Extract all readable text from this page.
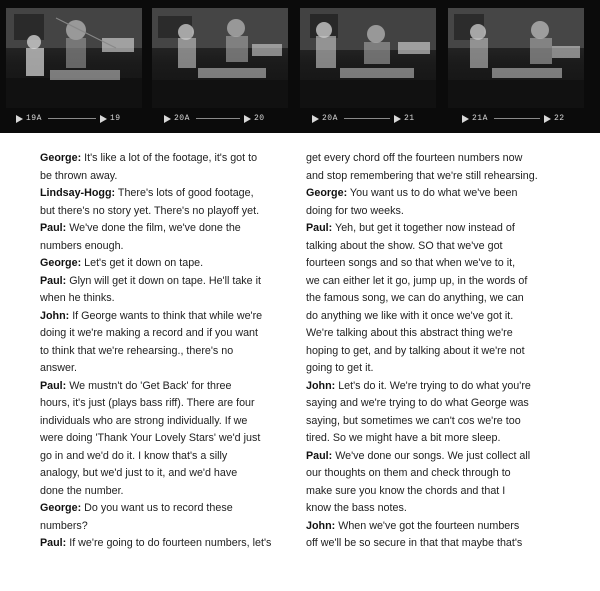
19A	19	20A	20	20A	21	21A	22
George: It's like a lot of the footage, it's got to
be thrown away.
Lindsay-Hogg: There's lots of good footage,
but there's no story yet. There's no playoff yet.
Paul: We've done the film, we've done the
numbers enough.
George: Let's get it down on tape.
Paul: Glyn will get it down on tape. He'll take it
when he thinks.
John: If George wants to think that while we're
doing it we're making a record and if you want
to think that we're rehearsing., there's no
answer.
Paul: We mustn't do 'Get Back' for three
hours, it's just (plays bass riff). There are four
individuals who are strong individually. If we
were doing 'Thank Your Lovely Stars' we'd just
go in and we'd do it. I know that's a silly
analogy, but we'd just to it, and we'd have
done the number.
George: Do you want us to record these
numbers?
Paul: If we're going to do fourteen numbers, let's
get every chord off the fourteen numbers now
and stop remembering that we're still rehearsing.
George: You want us to do what we've been
doing for two weeks.
Paul: Yeh, but get it together now instead of
talking about the show. SO that we've got
fourteen songs and so that when we've to it,
we can either let it go, jump up, in the words of
the famous song, we can do anything, we can
do anything we like with it once we've got it.
We're talking about this abstract thing we're
hoping to get, and by talking about it we're not
going to get it.
John: Let's do it. We're trying to do what you're
saying and we're trying to do what George was
saying, but sometimes we can't cos we're too
tired. So we might have a bit more sleep.
Paul: We've done our songs. We just collect all
our thoughts on them and check through to
make sure you know the chords and that I
know the bass notes.
John: When we've got the fourteen numbers
off we'll be so secure in that that maybe that's
